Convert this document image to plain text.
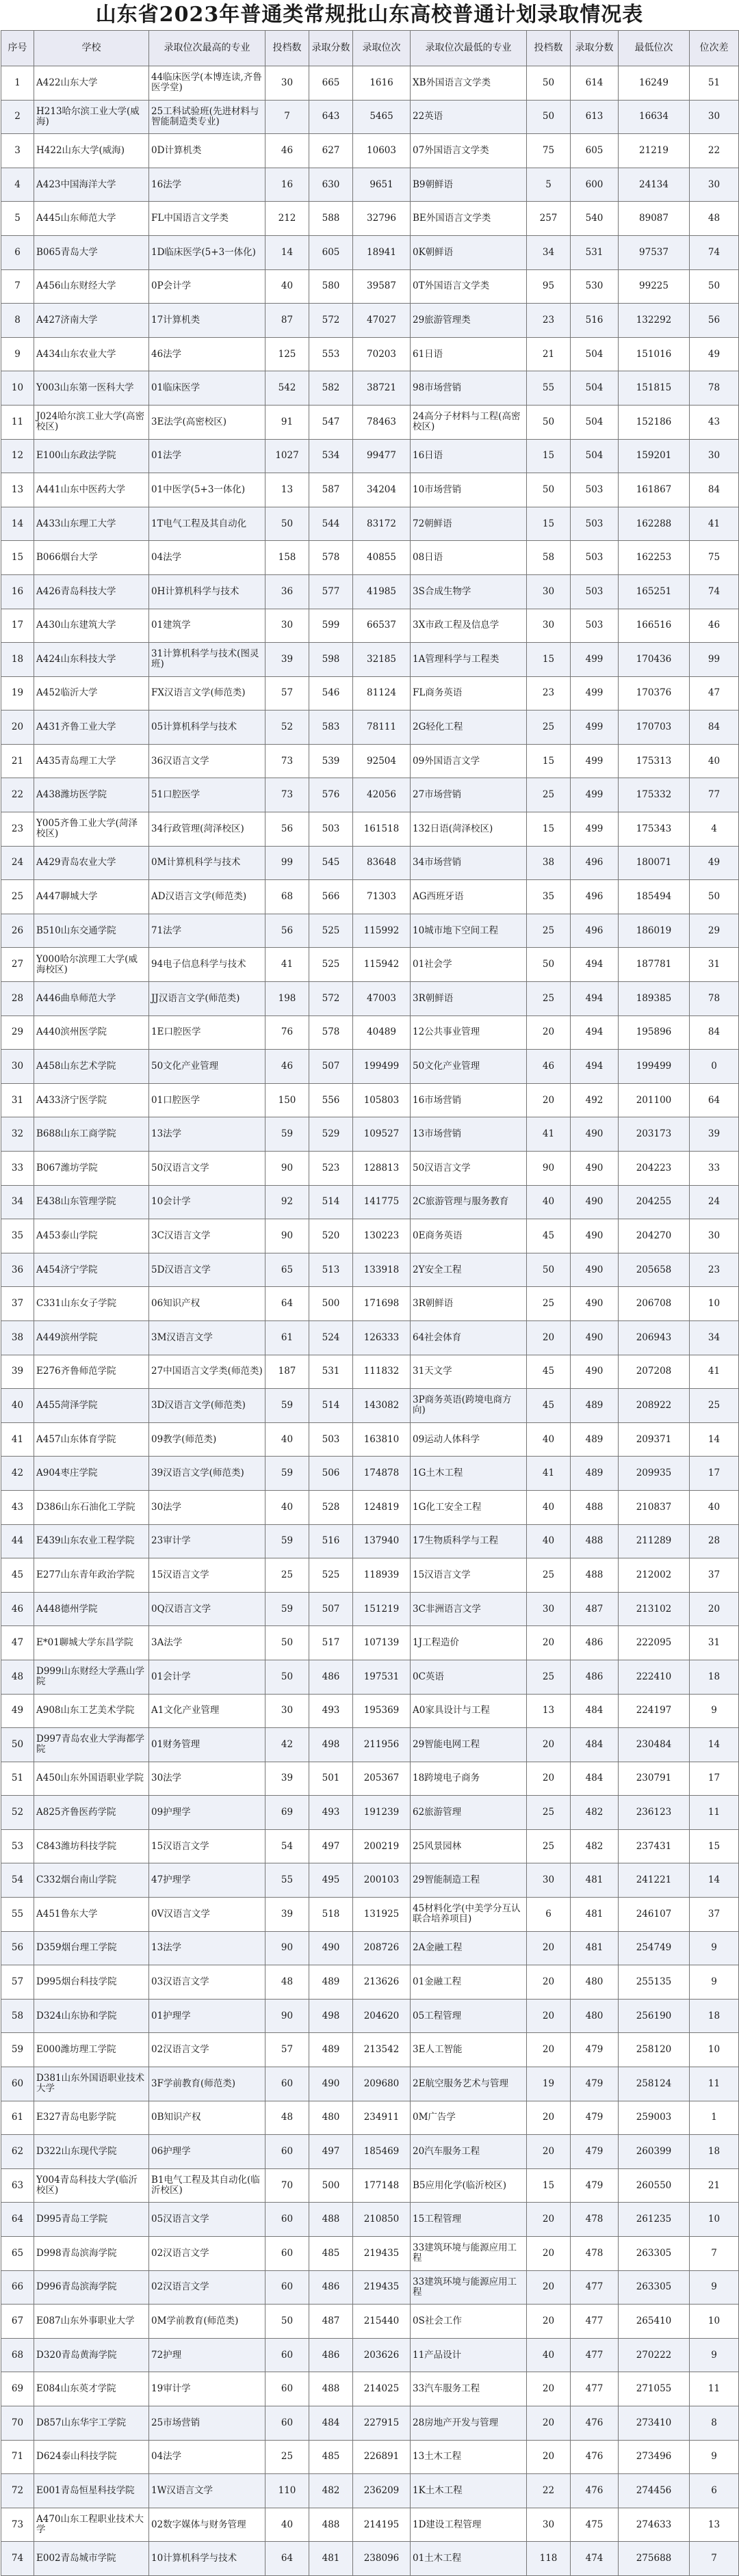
山东省2023年普通类常规批山东高校普通计划录取情况表
序号	学校	录取位次最高的专业	投档数	录取分数	录取位次	录取位次最低的专业	投档数	录取分数	最低位次	位次差
1	A422山东大学	44临床医学(本博连读,齐鲁医学堂)	30	665	1616	XB外国语言文学类	50	614	16249	51
2	H213哈尔滨工业大学(威海)	25工科试验班(先进材料与智能制造类专业)	7	643	5465	22英语	50	613	16634	30
3	H422山东大学(威海)	0D计算机类	46	627	10603	07外国语言文学类	75	605	21219	22
4	A423中国海洋大学	16法学	16	630	9651	B9朝鲜语	5	600	24134	30
5	A445山东师范大学	FL中国语言文学类	212	588	32796	BE外国语言文学类	257	540	89087	48
6	B065青岛大学	1D临床医学(5+3一体化)	14	605	18941	0K朝鲜语	34	531	97537	74
7	A456山东财经大学	0P会计学	40	580	39587	0T外国语言文学类	95	530	99225	50
8	A427济南大学	17计算机类	87	572	47027	29旅游管理类	23	516	132292	56
9	A434山东农业大学	46法学	125	553	70203	61日语	21	504	151016	49
10	Y003山东第一医科大学	01临床医学	542	582	38721	98市场营销	55	504	151815	78
11	J024哈尔滨工业大学(高密校区)	3E法学(高密校区)	91	547	78463	24高分子材料与工程(高密校区)	50	504	152186	43
12	E100山东政法学院	01法学	1027	534	99477	16日语	15	504	159201	30
13	A441山东中医药大学	01中医学(5+3一体化)	13	587	34204	10市场营销	50	503	161867	84
14	A433山东理工大学	1T电气工程及其自动化	50	544	83172	72朝鲜语	15	503	162288	41
15	B066烟台大学	04法学	158	578	40855	08日语	58	503	162253	75
16	A426青岛科技大学	0H计算机科学与技术	36	577	41985	3S合成生物学	30	503	165251	74
17	A430山东建筑大学	01建筑学	30	599	66537	3X市政工程及信息学	30	503	166516	46
18	A424山东科技大学	31计算机科学与技术(图灵班)	39	598	32185	1A管理科学与工程类	15	499	170436	99
19	A452临沂大学	FX汉语言文学(师范类)	57	546	81124	FL商务英语	23	499	170376	47
20	A431齐鲁工业大学	05计算机科学与技术	52	583	78111	2G轻化工程	25	499	170703	84
21	A435青岛理工大学	36汉语言文学	73	539	92504	09外国语言文学	15	499	175313	40
22	A438潍坊医学院	51口腔医学	73	576	42056	27市场营销	25	499	175332	77
23	Y005齐鲁工业大学(菏泽校区)	34行政管理(菏泽校区)	56	503	161518	132日语(菏泽校区)	15	499	175343	4
24	A429青岛农业大学	0M计算机科学与技术	99	545	83648	34市场营销	38	496	180071	49
25	A447聊城大学	AD汉语言文学(师范类)	68	566	71303	AG西班牙语	35	496	185494	50
26	B510山东交通学院	71法学	56	525	115992	10城市地下空间工程	25	496	186019	29
27	Y000哈尔滨理工大学(威海校区)	94电子信息科学与技术	41	525	115942	01社会学	50	494	187781	31
28	A446曲阜师范大学	JJ汉语言文学(师范类)	198	572	47003	3R朝鲜语	25	494	189385	78
29	A440滨州医学院	1E口腔医学	76	578	40489	12公共事业管理	20	494	195896	84
30	A458山东艺术学院	50文化产业管理	46	507	199499	50文化产业管理	46	494	199499	0
31	A433济宁医学院	01口腔医学	150	556	105803	16市场营销	20	492	201100	64
32	B688山东工商学院	13法学	59	529	109527	13市场营销	41	490	203173	39
33	B067潍坊学院	50汉语言文学	90	523	128813	50汉语言文学	90	490	204223	33
34	E438山东管理学院	10会计学	92	514	141775	2C旅游管理与服务教育	40	490	204255	24
35	A453泰山学院	3C汉语言文学	90	520	130223	0E商务英语	45	490	204270	30
36	A454济宁学院	5D汉语言文学	65	513	133918	2Y安全工程	50	490	205658	23
37	C331山东女子学院	06知识产权	64	500	171698	3R朝鲜语	25	490	206708	10
38	A449滨州学院	3M汉语言文学	61	524	126333	64社会体育	20	490	206943	34
39	E276齐鲁师范学院	27中国语言文学类(师范类)	187	531	111832	31天文学	45	490	207208	41
40	A455菏泽学院	3D汉语言文学(师范类)	59	514	143082	3P商务英语(跨境电商方向)	45	489	208922	25
41	A457山东体育学院	09教学(师范类)	40	503	163810	09运动人体科学	40	489	209371	14
42	A904枣庄学院	39汉语言文学(师范类)	59	506	174878	1G土木工程	41	489	209935	17
43	D386山东石油化工学院	30法学	40	528	124819	1G化工安全工程	40	488	210837	40
44	E439山东农业工程学院	23审计学	59	516	137940	17生物质科学与工程	40	488	211289	28
45	E277山东青年政治学院	15汉语言文学	25	525	118939	15汉语言文学	25	488	212002	37
46	A448德州学院	0Q汉语言文学	59	507	151219	3C非洲语言文学	30	487	213102	20
47	E*01聊城大学东昌学院	3A法学	50	517	107139	1J工程造价	20	486	222095	31
48	D999山东财经大学燕山学院	01会计学	50	486	197531	0C英语	25	486	222410	18
49	A908山东工艺美术学院	A1文化产业管理	30	493	195369	A0家具设计与工程	13	484	224197	9
50	D997青岛农业大学海都学院	01财务管理	42	498	211956	29智能电网工程	20	484	230484	14
51	A450山东外国语职业学院	30法学	39	501	205367	18跨境电子商务	20	484	230791	17
52	A825齐鲁医药学院	09护理学	69	493	191239	62旅游管理	25	482	236123	11
53	C843潍坊科技学院	15汉语言文学	54	497	200219	25风景园林	25	482	237431	15
54	C332烟台南山学院	47护理学	55	495	200103	29智能制造工程	30	481	241221	14
55	A451鲁东大学	0V汉语言文学	39	518	131925	45材料化学(中美学分互认联合培养项目)	6	481	246107	37
56	D359烟台理工学院	13法学	90	490	208726	2A金融工程	20	481	254749	9
57	D995烟台科技学院	03汉语言文学	48	489	213626	01金融工程	20	480	255135	9
58	D324山东协和学院	01护理学	90	498	204620	05工程管理	20	480	256190	18
59	E000潍坊理工学院	02汉语言文学	57	489	213542	3E人工智能	20	479	258120	10
60	D381山东外国语职业技术大学	3F学前教育(师范类)	60	490	209680	2E航空服务艺术与管理	19	479	258124	11
61	E327青岛电影学院	0B知识产权	48	480	234911	0M广告学	20	479	259003	1
62	D322山东现代学院	06护理学	60	497	185469	20汽车服务工程	20	479	260399	18
63	Y004青岛科技大学(临沂校区)	B1电气工程及其自动化(临沂校区)	70	500	177148	B5应用化学(临沂校区)	15	479	260550	21
64	D995青岛工学院	05汉语言文学	60	488	210850	15工程管理	20	478	261235	10
65	D998青岛滨海学院	02汉语言文学	60	485	219435	33建筑环境与能源应用工程	20	478	263305	7
66	D996青岛滨海学院	02汉语言文学	60	486	219435	33建筑环境与能源应用工程	20	477	263305	9
67	E087山东外事职业大学	0M学前教育(师范类)	50	487	215440	0S社会工作	20	477	265410	10
68	D320青岛黄海学院	72护理	60	486	203626	11产品设计	40	477	270222	9
69	E084山东英才学院	19审计学	60	488	214025	33汽车服务工程	20	477	271055	11
70	D857山东华宇工学院	25市场营销	60	484	227915	28房地产开发与管理	20	476	273410	8
71	D624泰山科技学院	04法学	25	485	226891	13土木工程	20	476	273496	9
72	E001青岛恒星科技学院	1W汉语言文学	110	482	236209	1K土木工程	22	476	274456	6
73	A470山东工程职业技术大学	02数字媒体与财务管理	40	488	214195	1D建设工程管理	30	475	274633	13
74	E002青岛城市学院	10计算机科学与技术	64	481	238096	01土木工程	118	474	275688	7
